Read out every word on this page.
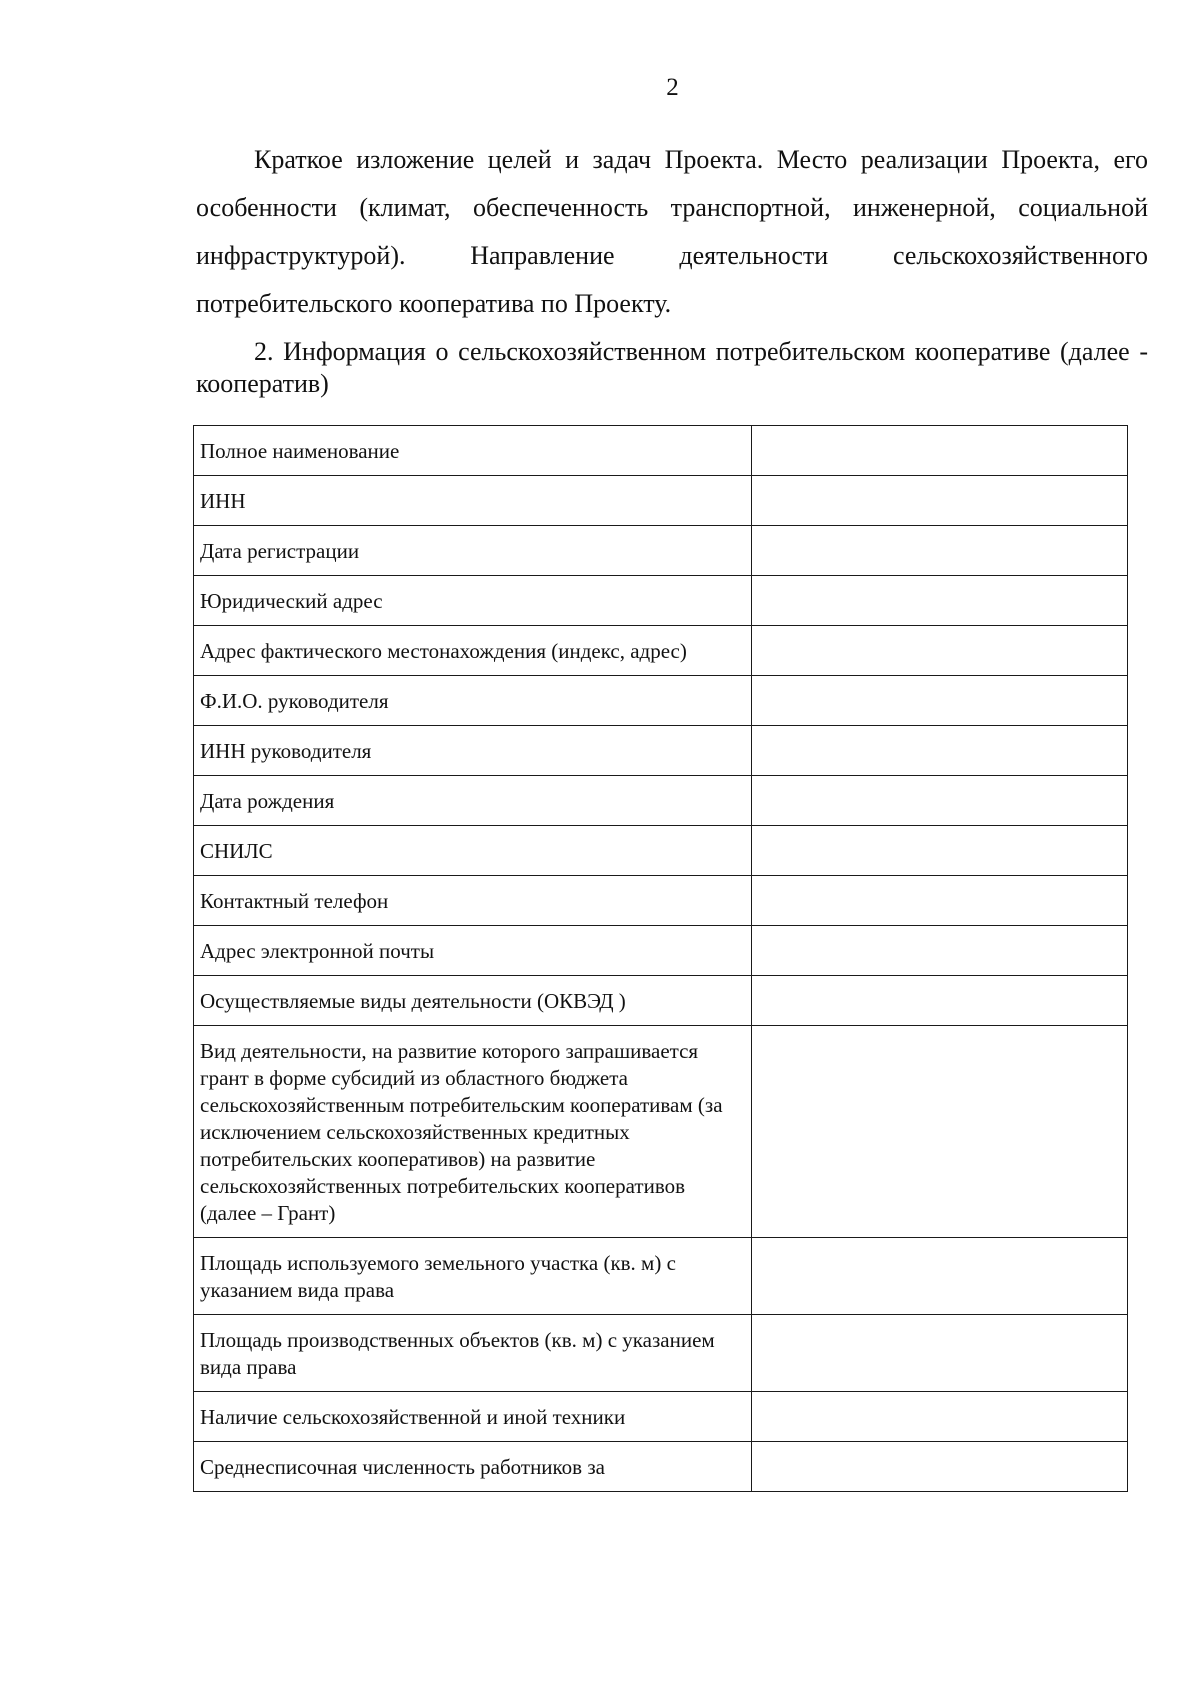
2

Краткое изложение целей и задач Проекта. Место реализации Проекта, его особенности (климат, обеспеченность транспортной, инженерной, социальной инфраструктурой). Направление деятельности сельскохозяйственного потребительского кооператива по Проекту.

2. Информация о сельскохозяйственном потребительском кооперативе (далее - кооператив)

Полное наименование	
ИНН	
Дата регистрации	
Юридический адрес	
Адрес фактического местонахождения (индекс, адрес)	
Ф.И.О. руководителя	
ИНН руководителя	
Дата рождения	
СНИЛС	
Контактный телефон	
Адрес электронной почты	
Осуществляемые виды деятельности (ОКВЭД )	
Вид деятельности, на развитие которого запрашивается грант в форме субсидий из областного бюджета сельскохозяйственным потребительским кооперативам (за исключением сельскохозяйственных кредитных потребительских кооперативов) на развитие сельскохозяйственных потребительских кооперативов (далее – Грант)	
Площадь используемого земельного участка (кв. м) с указанием вида права	
Площадь производственных объектов (кв. м) с указанием вида права	
Наличие сельскохозяйственной и иной техники	
Среднесписочная численность работников за	
